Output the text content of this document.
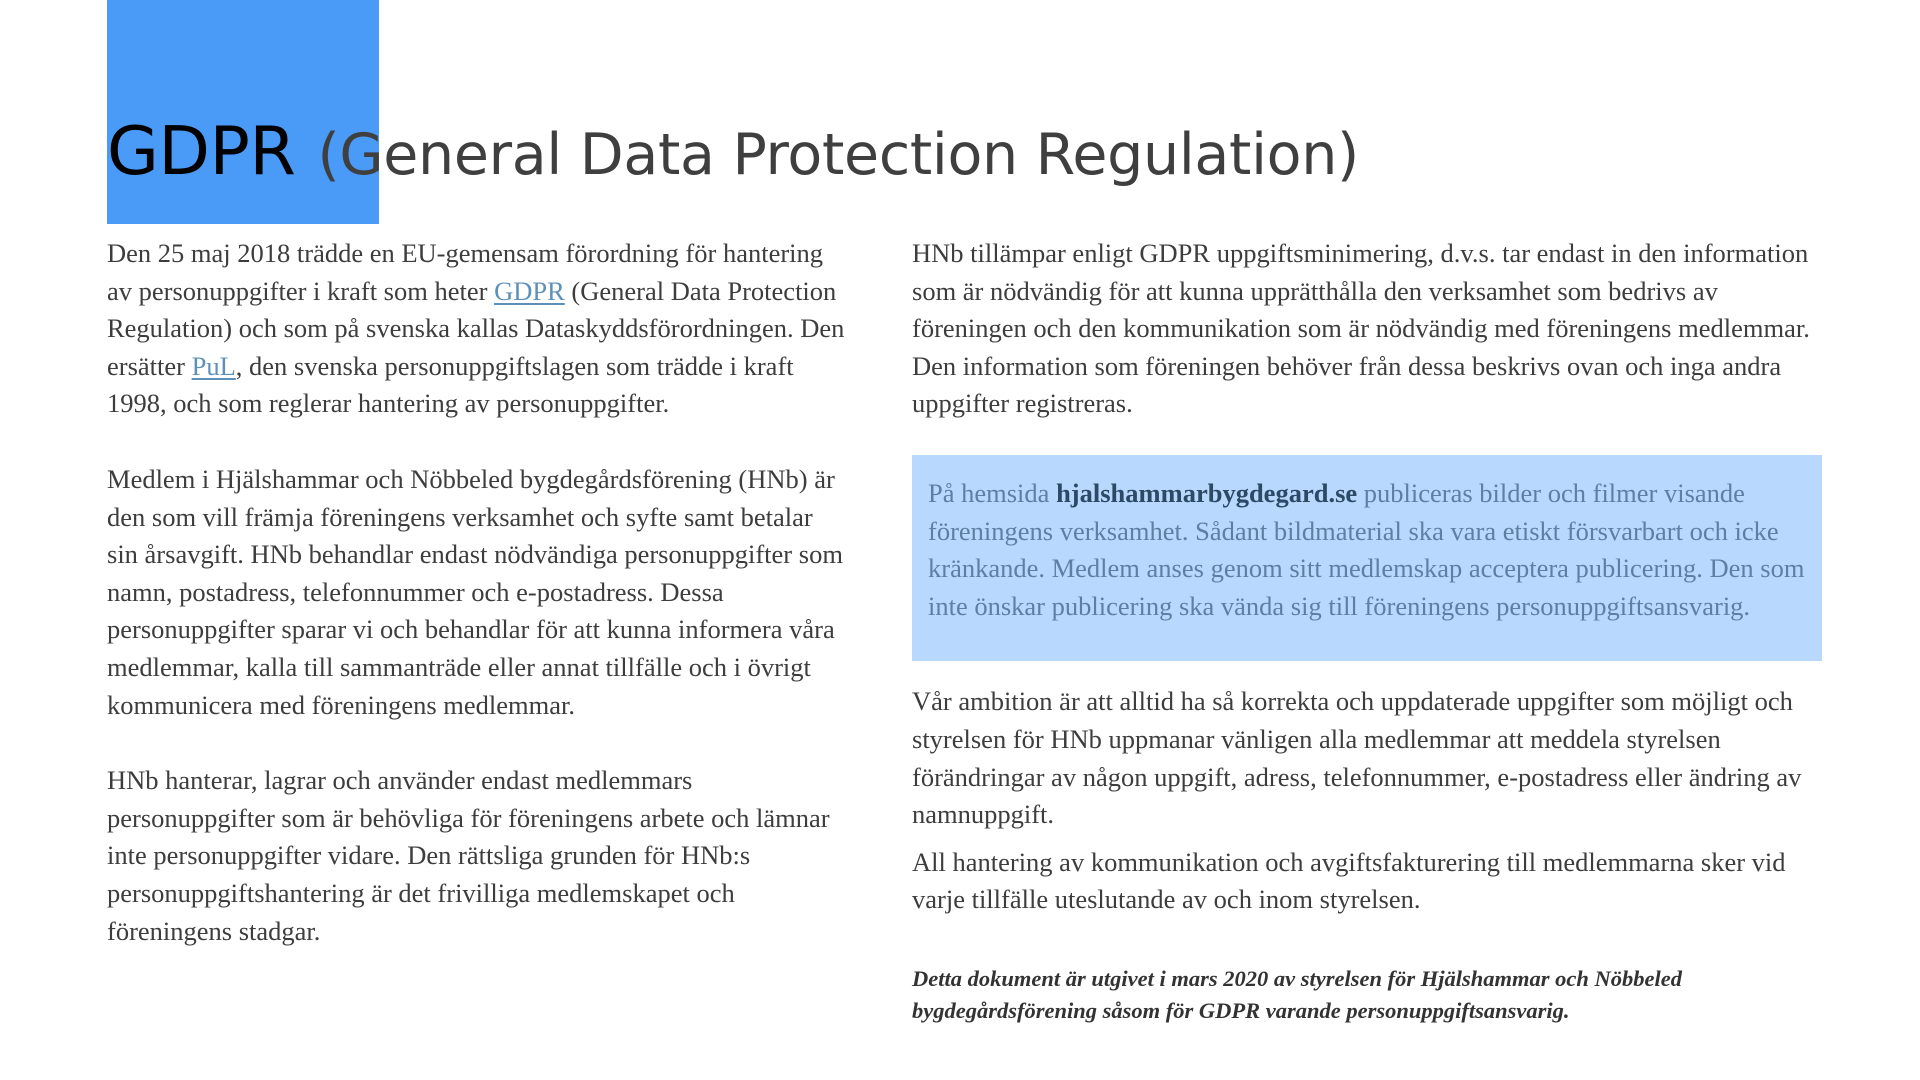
GDPR (General Data Protection Regulation)

Den 25 maj 2018 trädde en EU-gemensam förordning för hantering av personuppgifter i kraft som heter GDPR (General Data Protection Regulation) och som på svenska kallas Dataskyddsförordningen. Den ersätter PuL, den svenska personuppgiftslagen som trädde i kraft 1998, och som reglerar hantering av personuppgifter.

Medlem i Hjälshammar och Nöbbeled bygdegårdsförening (HNb) är den som vill främja föreningens verksamhet och syfte samt betalar sin årsavgift. HNb behandlar endast nödvändiga personuppgifter som namn, postadress, telefonnummer och e-postadress. Dessa personuppgifter sparar vi och behandlar för att kunna informera våra medlemmar, kalla till sammanträde eller annat tillfälle och i övrigt kommunicera med föreningens medlemmar.

HNb hanterar, lagrar och använder endast medlemmars personuppgifter som är behövliga för föreningens arbete och lämnar inte personuppgifter vidare. Den rättsliga grunden för HNb:s personuppgiftshantering är det frivilliga medlemskapet och föreningens stadgar.

HNb tillämpar enligt GDPR uppgiftsminimering, d.v.s. tar endast in den information som är nödvändig för att kunna upprätthålla den verksamhet som bedrivs av föreningen och den kommunikation som är nödvändig med föreningens medlemmar. Den information som föreningen behöver från dessa beskrivs ovan och inga andra uppgifter registreras.

På hemsida hjalshammarbygdegard.se publiceras bilder och filmer visande föreningens verksamhet. Sådant bildmaterial ska vara etiskt försvarbart och icke kränkande. Medlem anses genom sitt medlemskap acceptera publicering. Den som inte önskar publicering ska vända sig till föreningens personuppgiftsansvarig.

Vår ambition är att alltid ha så korrekta och uppdaterade uppgifter som möjligt och styrelsen för HNb uppmanar vänligen alla medlemmar att meddela styrelsen förändringar av någon uppgift, adress, telefonnummer, e-postadress eller ändring av namnuppgift.

All hantering av kommunikation och avgiftsfakturering till medlemmarna sker vid varje tillfälle uteslutande av och inom styrelsen.

Detta dokument är utgivet i mars 2020 av styrelsen för Hjälshammar och Nöbbeled bygdegårdsförening såsom för GDPR varande personuppgiftsansvarig.
